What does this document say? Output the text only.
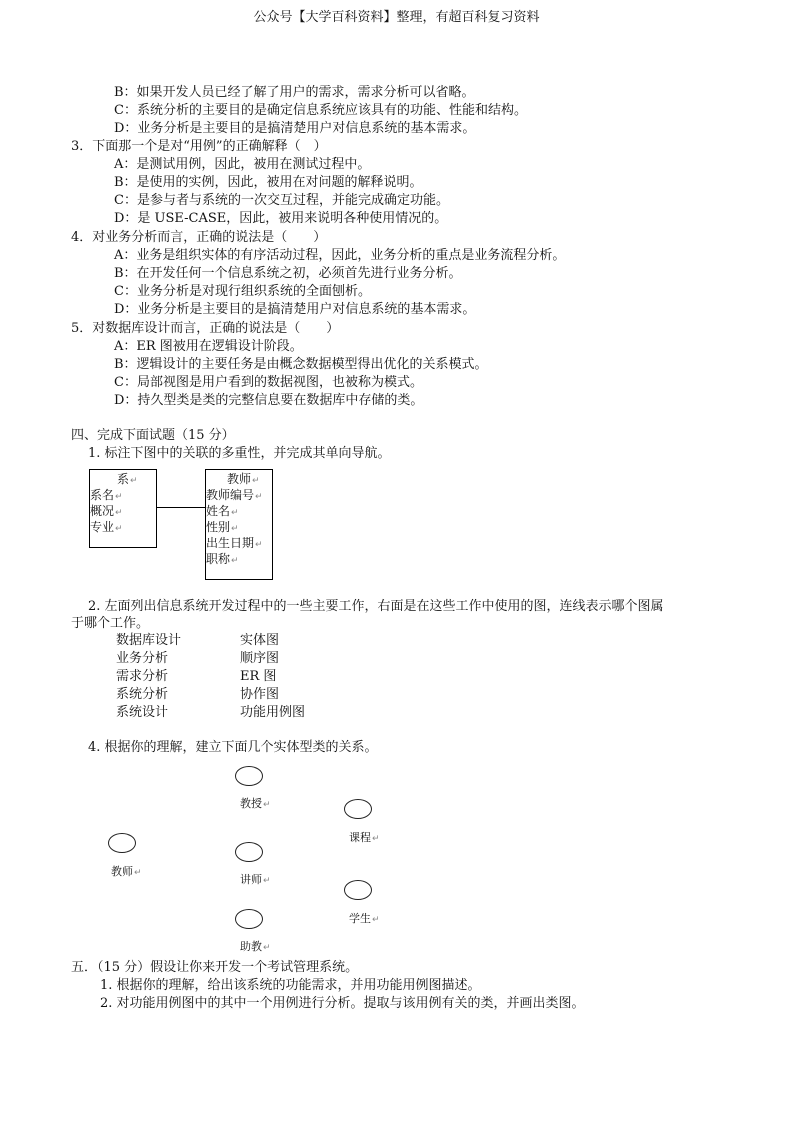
公众号【大学百科资料】整理，有超百科复习资料
B：如果开发人员已经了解了用户的需求，需求分析可以省略。
C：系统分析的主要目的是确定信息系统应该具有的功能、性能和结构。
D：业务分析是主要目的是搞清楚用户对信息系统的基本需求。
3．下面那一个是对“用例”的正确解释（　）
A：是测试用例，因此，被用在测试过程中。
B：是使用的实例，因此，被用在对问题的解释说明。
C：是参与者与系统的一次交互过程，并能完成确定功能。
D：是 USE-CASE，因此，被用来说明各种使用情况的。
4．对业务分析而言，正确的说法是（　　）
A：业务是组织实体的有序活动过程，因此，业务分析的重点是业务流程分析。
B：在开发任何一个信息系统之初，必须首先进行业务分析。
C：业务分析是对现行组织系统的全面刨析。
D：业务分析是主要目的是搞清楚用户对信息系统的基本需求。
5．对数据库设计而言，正确的说法是（　　）
A：ER 图被用在逻辑设计阶段。
B：逻辑设计的主要任务是由概念数据模型得出优化的关系模式。
C：局部视图是用户看到的数据视图，也被称为模式。
D：持久型类是类的完整信息要在数据库中存储的类。
四、完成下面试题（15 分）
1. 标注下图中的关联的多重性，并完成其单向导航。
系↵
系名↵
概况↵
专业↵
教师↵
教师编号↵
姓名↵
性别↵
出生日期↵
职称↵
2. 左面列出信息系统开发过程中的一些主要工作，右面是在这些工作中使用的图，连线表示哪个图属
于哪个工作。
数据库设计
业务分析
需求分析
系统分析
系统设计
实体图
顺序图
ER 图
协作图
功能用例图
4. 根据你的理解，建立下面几个实体型类的关系。
教授↵
课程↵
教师↵	讲师↵
学生↵
助教↵
五．（15 分）假设让你来开发一个考试管理系统。
1. 根据你的理解，给出该系统的功能需求，并用功能用例图描述。
2. 对功能用例图中的其中一个用例进行分析。提取与该用例有关的类，并画出类图。
